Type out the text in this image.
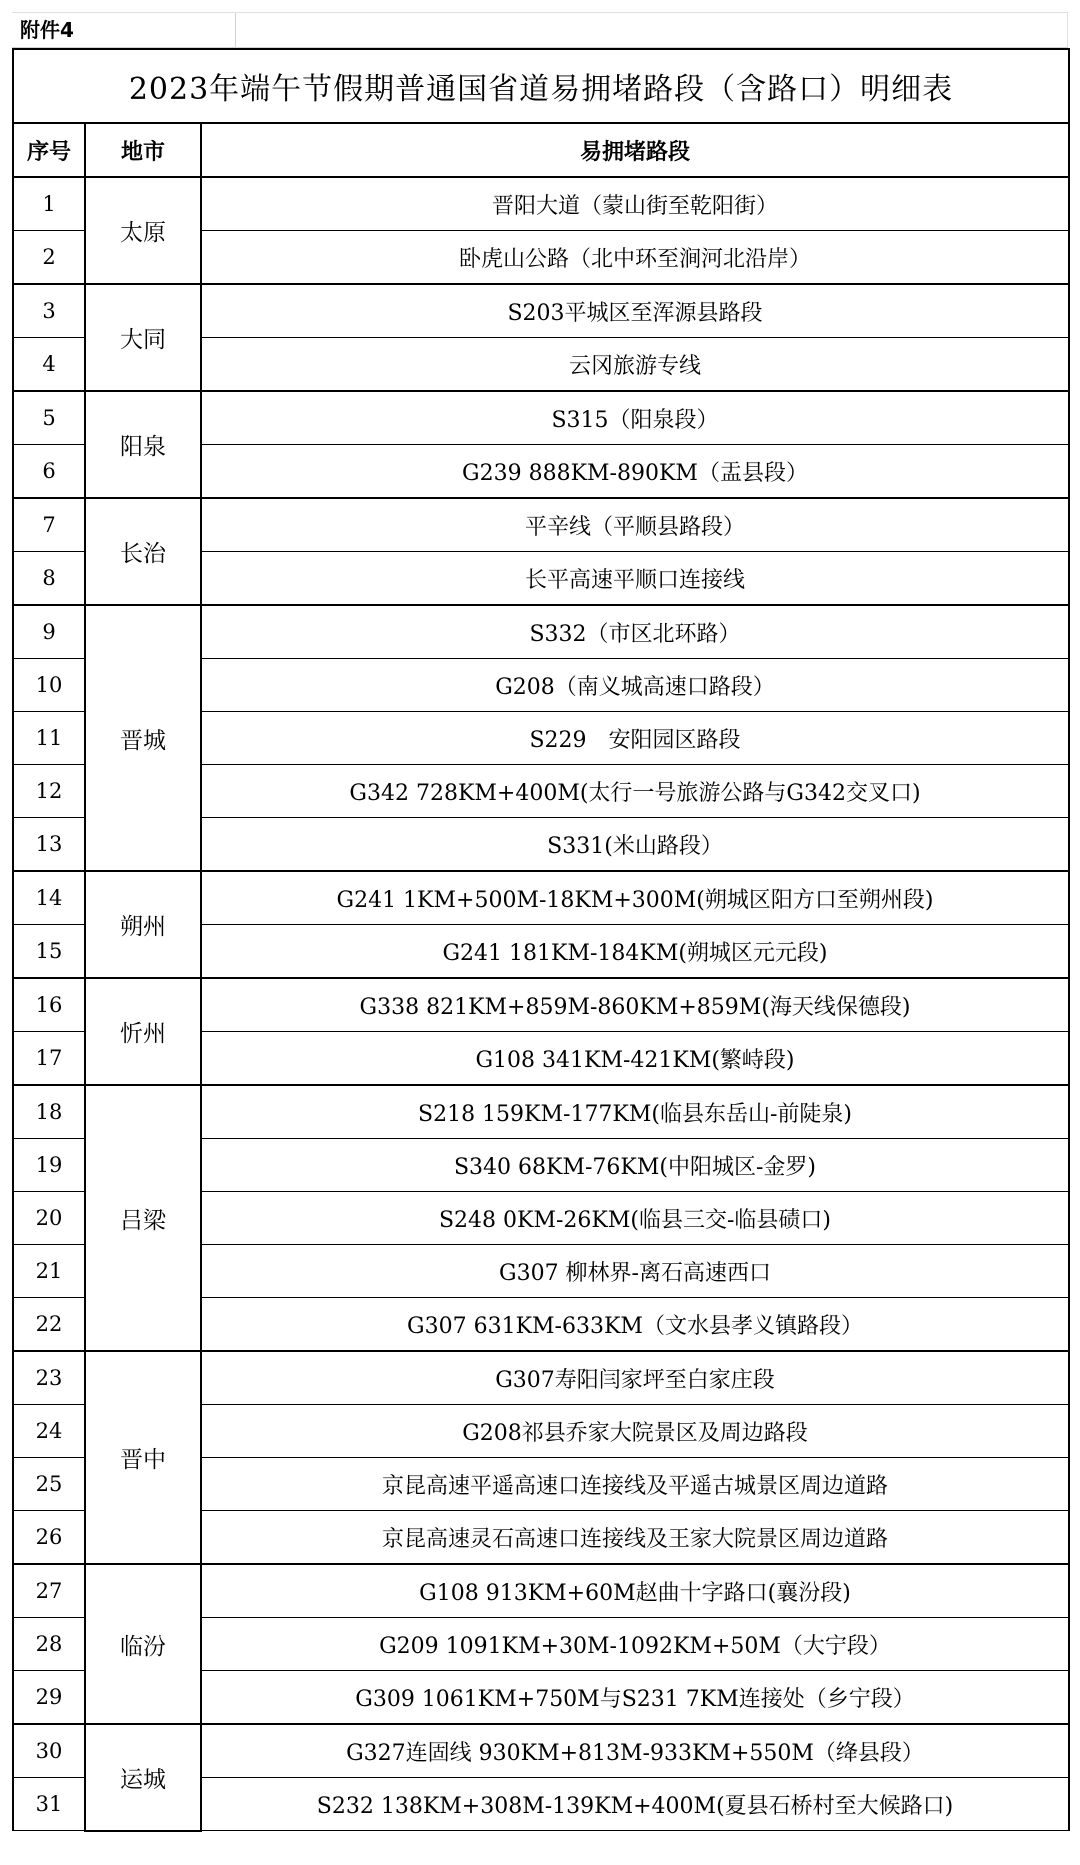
附件4
2023年端午节假期普通国省道易拥堵路段（含路口）明细表		
序号	地市	易拥堵路段
1	太原	晋阳大道（蒙山街至乾阳街）
2		卧虎山公路（北中环至涧河北沿岸）
3	大同	S203平城区至浑源县路段
4		云冈旅游专线
5	阳泉	S315（阳泉段）
6		G239 888KM-890KM（盂县段）
7	长治	平辛线（平顺县路段）
8		长平高速平顺口连接线
9	晋城	S332（市区北环路）
10		G208（南义城高速口路段）
11		S229　安阳园区路段
12		G342 728KM+400M(太行一号旅游公路与G342交叉口)
13		S331(米山路段）
14	朔州	G241 1KM+500M-18KM+300M(朔城区阳方口至朔州段)
15		G241 181KM-184KM(朔城区元元段)
16	忻州	G338 821KM+859M-860KM+859M(海天线保德段)
17		G108 341KM-421KM(繁峙段)
18	吕梁	S218 159KM-177KM(临县东岳山-前陡泉)
19		S340 68KM-76KM(中阳城区-金罗)
20		S248 0KM-26KM(临县三交-临县碛口)
21		G307 柳林界-离石高速西口
22		G307 631KM-633KM（文水县孝义镇路段）
23	晋中	G307寿阳闫家坪至白家庄段
24		G208祁县乔家大院景区及周边路段
25		京昆高速平遥高速口连接线及平遥古城景区周边道路
26		京昆高速灵石高速口连接线及王家大院景区周边道路
27	临汾	G108 913KM+60M赵曲十字路口(襄汾段)
28		G209 1091KM+30M-1092KM+50M（大宁段）
29		G309 1061KM+750M与S231 7KM连接处（乡宁段）
30	运城	G327连固线 930KM+813M-933KM+550M（绛县段）
31		S232 138KM+308M-139KM+400M(夏县石桥村至大候路口)
